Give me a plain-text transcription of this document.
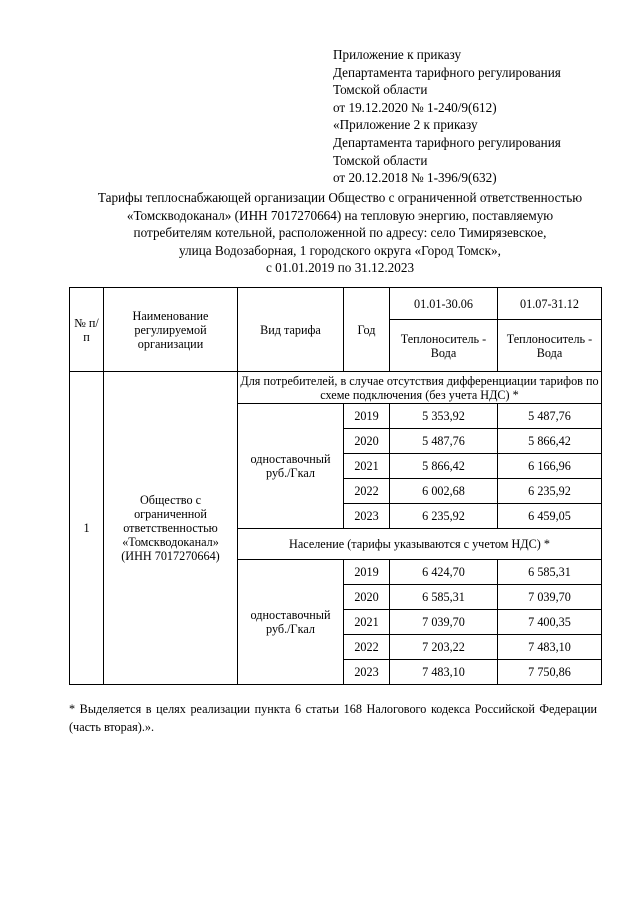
Приложение к приказу
Департамента тарифного регулирования
Томской области
от 19.12.2020 № 1-240/9(612)
«Приложение 2 к приказу
Департамента тарифного регулирования
Томской области
от 20.12.2018 № 1-396/9(632)
Тарифы теплоснабжающей организации Общество с ограниченной ответственностью
«Томскводоканал» (ИНН 7017270664) на тепловую энергию, поставляемую
потребителям котельной, расположенной по адресу: село Тимирязевское,
улица Водозаборная, 1 городского округа «Город Томск»,
с 01.01.2019 по 31.12.2023
№ п/п	Наименование регулируемой организации	Вид тарифа	Год	01.01-30.06	01.07-31.12
				Теплоноситель - Вода	Теплоноситель - Вода
1	Общество с ограниченной ответственностью «Томскводоканал» (ИНН 7017270664)	Для потребителей, в случае отсутствия дифференциации тарифов по схеме подключения (без учета НДС) *			
		одноставочный руб./Гкал	2019	5 353,92	5 487,76
			2020	5 487,76	5 866,42
			2021	5 866,42	6 166,96
			2022	6 002,68	6 235,92
			2023	6 235,92	6 459,05
		Население (тарифы указываются с учетом НДС) *			
		одноставочный руб./Гкал	2019	6 424,70	6 585,31
			2020	6 585,31	7 039,70
			2021	7 039,70	7 400,35
			2022	7 203,22	7 483,10
			2023	7 483,10	7 750,86
* Выделяется в целях реализации пункта 6 статьи 168 Налогового кодекса Российской Федерации (часть вторая).».
